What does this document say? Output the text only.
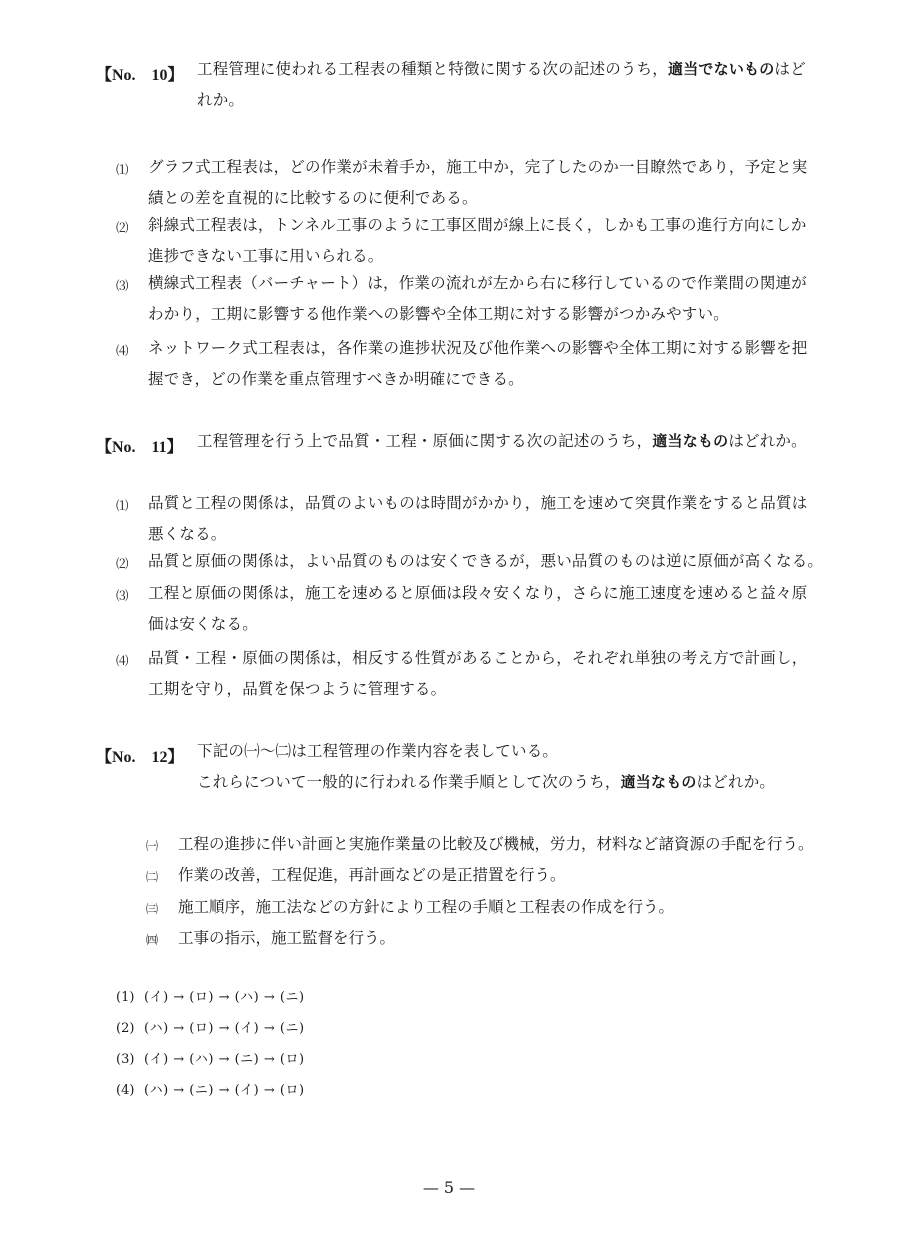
【No.　10】 工程管理に使われる工程表の種類と特徴に関する次の記述のうち，適当でないものはどれか。
⑴	グラフ式工程表は，どの作業が未着手か，施工中か，完了したのか一目瞭然であり，予定と実績との差を直視的に比較するのに便利である。
⑵	斜線式工程表は，トンネル工事のように工事区間が線上に長く，しかも工事の進行方向にしか進捗できない工事に用いられる。
⑶	横線式工程表（バーチャート）は，作業の流れが左から右に移行しているので作業間の関連がわかり，工期に影響する他作業への影響や全体工期に対する影響がつかみやすい。
⑷	ネットワーク式工程表は，各作業の進捗状況及び他作業への影響や全体工期に対する影響を把握でき，どの作業を重点管理すべきか明確にできる。
【No.　11】 工程管理を行う上で品質・工程・原価に関する次の記述のうち，適当なものはどれか。
⑴	品質と工程の関係は，品質のよいものは時間がかかり，施工を速めて突貫作業をすると品質は悪くなる。
⑵	品質と原価の関係は，よい品質のものは安くできるが，悪い品質のものは逆に原価が高くなる。
⑶	工程と原価の関係は，施工を速めると原価は段々安くなり，さらに施工速度を速めると益々原価は安くなる。
⑷	品質・工程・原価の関係は，相反する性質があることから，それぞれ単独の考え方で計画し，工期を守り，品質を保つように管理する。
【No.　12】 下記の㈠〜㈡は工程管理の作業内容を表している。
これらについて一般的に行われる作業手順として次のうち，適当なものはどれか。
㈠	工程の進捗に伴い計画と実施作業量の比較及び機械，労力，材料など諸資源の手配を行う。
㈡	作業の改善，工程促進，再計画などの是正措置を行う。
㈢	施工順序，施工法などの方針により工程の手順と工程表の作成を行う。
㈣	工事の指示，施工監督を行う。
(1) (イ) → (ロ) → (ハ) → (ニ)
(2) (ハ) → (ロ) → (イ) → (ニ)
(3) (イ) → (ハ) → (ニ) → (ロ)
(4) (ハ) → (ニ) → (イ) → (ロ)
— 5 —
